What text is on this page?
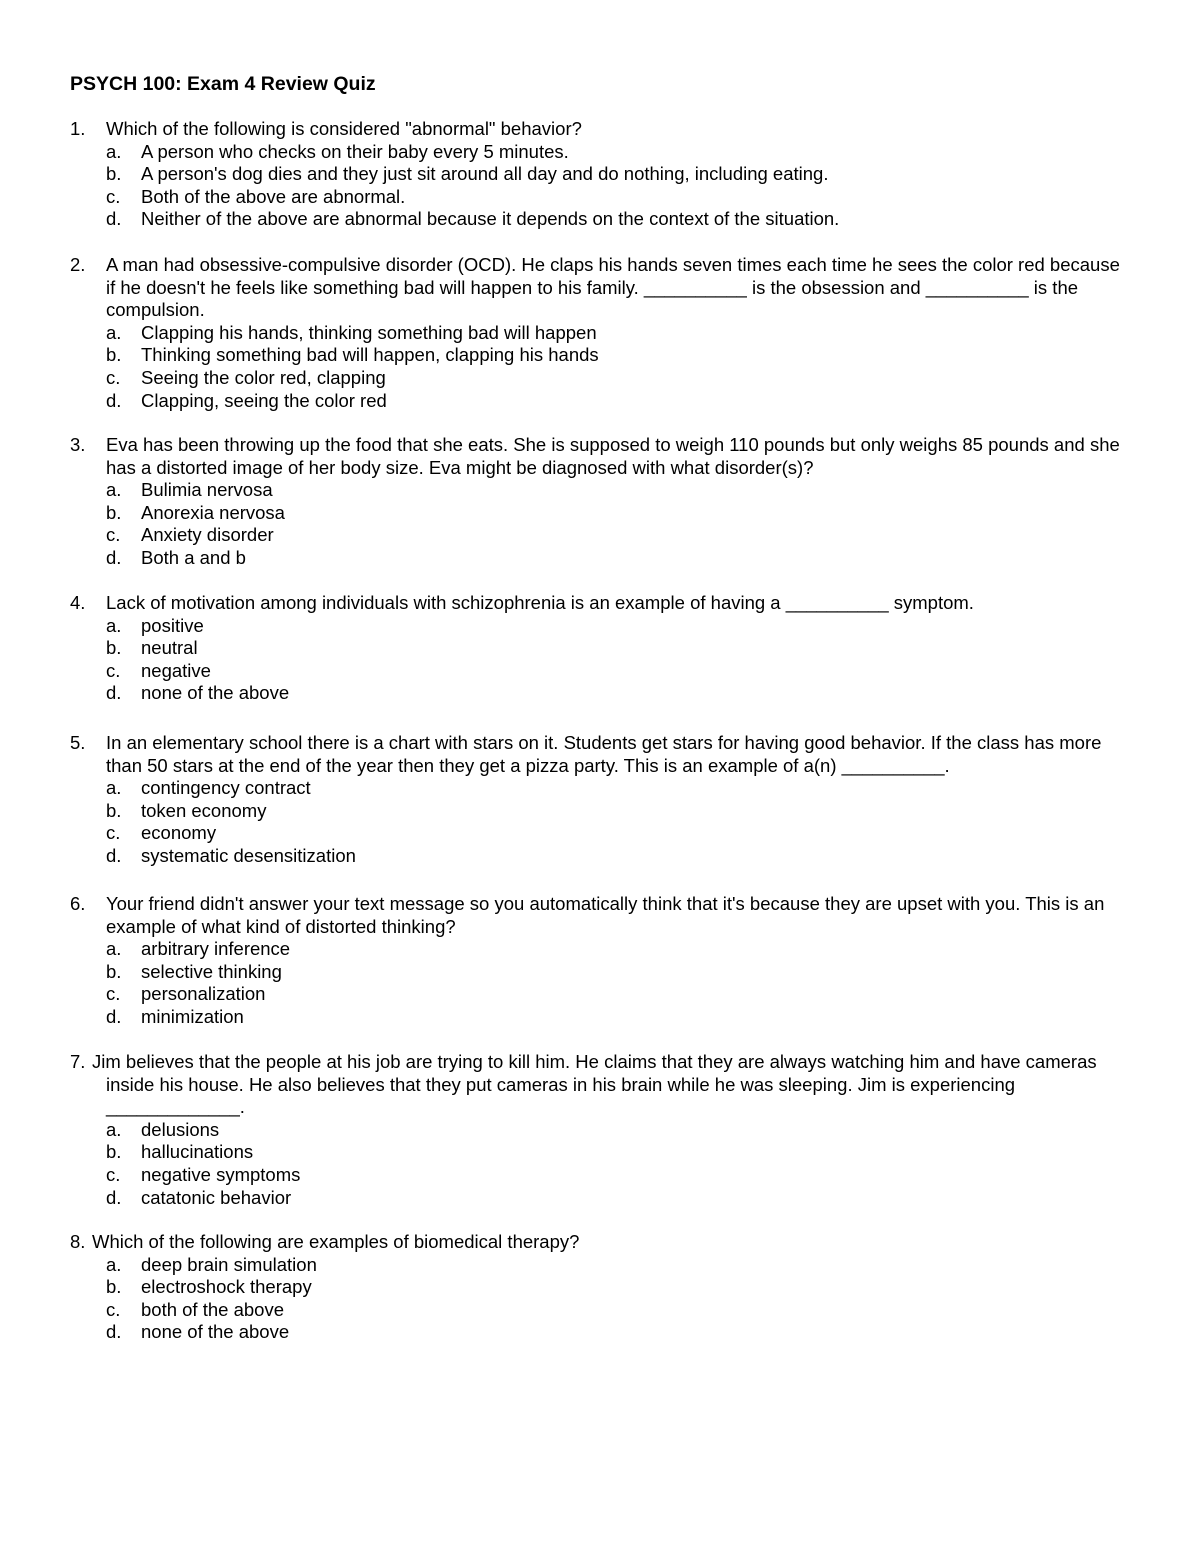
PSYCH 100: Exam 4 Review Quiz
1. Which of the following is considered "abnormal" behavior?
a. A person who checks on their baby every 5 minutes.
b. A person's dog dies and they just sit around all day and do nothing, including eating.
c. Both of the above are abnormal.
d. Neither of the above are abnormal because it depends on the context of the situation.
2. A man had obsessive-compulsive disorder (OCD). He claps his hands seven times each time he sees the color red because if he doesn't he feels like something bad will happen to his family. __________ is the obsession and __________ is the compulsion.
a. Clapping his hands, thinking something bad will happen
b. Thinking something bad will happen, clapping his hands
c. Seeing the color red, clapping
d. Clapping, seeing the color red
3. Eva has been throwing up the food that she eats. She is supposed to weigh 110 pounds but only weighs 85 pounds and she has a distorted image of her body size. Eva might be diagnosed with what disorder(s)?
a. Bulimia nervosa
b. Anorexia nervosa
c. Anxiety disorder
d. Both a and b
4. Lack of motivation among individuals with schizophrenia is an example of having a __________ symptom.
a. positive
b. neutral
c. negative
d. none of the above
5. In an elementary school there is a chart with stars on it. Students get stars for having good behavior. If the class has more than 50 stars at the end of the year then they get a pizza party. This is an example of a(n) __________.
a. contingency contract
b. token economy
c. economy
d. systematic desensitization
6. Your friend didn't answer your text message so you automatically think that it's because they are upset with you. This is an example of what kind of distorted thinking?
a. arbitrary inference
b. selective thinking
c. personalization
d. minimization
7. Jim believes that the people at his job are trying to kill him. He claims that they are always watching him and have cameras inside his house. He also believes that they put cameras in his brain while he was sleeping. Jim is experiencing _____________.
a. delusions
b. hallucinations
c. negative symptoms
d. catatonic behavior
8. Which of the following are examples of biomedical therapy?
a. deep brain simulation
b. electroshock therapy
c. both of the above
d. none of the above
